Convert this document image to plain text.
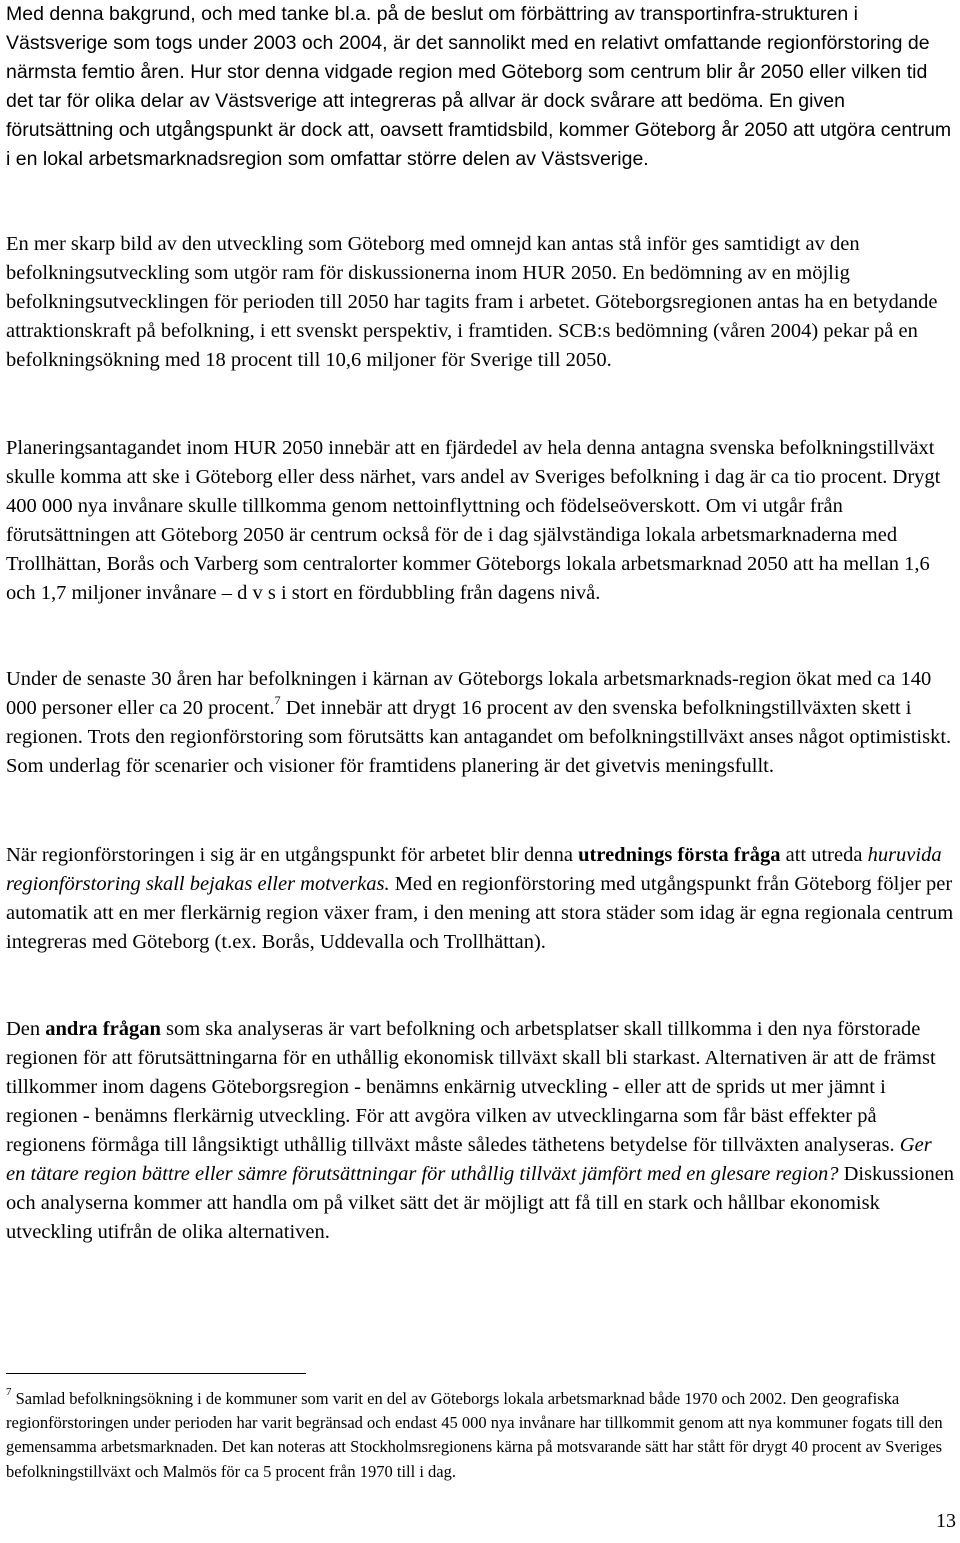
Med denna bakgrund, och med tanke bl.a. på de beslut om förbättring av transportinfra-strukturen i Västsverige som togs under 2003 och 2004, är det sannolikt med en relativt omfattande regionförstoring de närmsta femtio åren. Hur stor denna vidgade region med Göteborg som centrum blir år 2050 eller vilken tid det tar för olika delar av Västsverige att integreras på allvar är dock svårare att bedöma. En given förutsättning och utgångspunkt är dock att, oavsett framtidsbild, kommer Göteborg år 2050 att utgöra centrum i en lokal arbetsmarknadsregion som omfattar större delen av Västsverige.

En mer skarp bild av den utveckling som Göteborg med omnejd kan antas stå inför ges samtidigt av den befolkningsutveckling som utgör ram för diskussionerna inom HUR 2050. En bedömning av en möjlig befolkningsutvecklingen för perioden till 2050 har tagits fram i arbetet. Göteborgsregionen antas ha en betydande attraktionskraft på befolkning, i ett svenskt perspektiv, i framtiden. SCB:s bedömning (våren 2004) pekar på en befolkningsökning med 18 procent till 10,6 miljoner för Sverige till 2050.

Planeringsantagandet inom HUR 2050 innebär att en fjärdedel av hela denna antagna svenska befolkningstillväxt skulle komma att ske i Göteborg eller dess närhet, vars andel av Sveriges befolkning i dag är ca tio procent. Drygt 400 000 nya invånare skulle tillkomma genom nettoinflyttning och födelseöverskott. Om vi utgår från förutsättningen att Göteborg 2050 är centrum också för de i dag självständiga lokala arbetsmarknaderna med Trollhättan, Borås och Varberg som centralorter kommer Göteborgs lokala arbetsmarknad 2050 att ha mellan 1,6 och 1,7 miljoner invånare – d v s i stort en fördubbling från dagens nivå.

Under de senaste 30 åren har befolkningen i kärnan av Göteborgs lokala arbetsmarknads-region ökat med ca 140 000 personer eller ca 20 procent.$^7$ Det innebär att drygt 16 procent av den svenska befolkningstillväxten skett i regionen. Trots den regionförstoring som förutsätts kan antagandet om befolkningstillväxt anses något optimistiskt. Som underlag för scenarier och visioner för framtidens planering är det givetvis meningsfullt.

När regionförstoringen i sig är en utgångspunkt för arbetet blir denna utrednings första fråga att utreda huruvida regionförstoring skall bejakas eller motverkas. Med en regionförstoring med utgångspunkt från Göteborg följer per automatik att en mer flerkärnig region växer fram, i den mening att stora städer som idag är egna regionala centrum integreras med Göteborg (t.ex. Borås, Uddevalla och Trollhättan).

Den andra frågan som ska analyseras är vart befolkning och arbetsplatser skall tillkomma i den nya förstorade regionen för att förutsättningarna för en uthållig ekonomisk tillväxt skall bli starkast. Alternativen är att de främst tillkommer inom dagens Göteborgsregion - benämns enkärnig utveckling - eller att de sprids ut mer jämnt i regionen - benämns flerkärnig utveckling. För att avgöra vilken av utvecklingarna som får bäst effekter på regionens förmåga till långsiktigt uthållig tillväxt måste således täthetens betydelse för tillväxten analyseras. Ger en tätare region bättre eller sämre förutsättningar för uthållig tillväxt jämfört med en glesare region? Diskussionen och analyserna kommer att handla om på vilket sätt det är möjligt att få till en stark och hållbar ekonomisk utveckling utifrån de olika alternativen.

$^7$ Samlad befolkningsökning i de kommuner som varit en del av Göteborgs lokala arbetsmarknad både 1970 och 2002. Den geografiska regionförstoringen under perioden har varit begränsad och endast 45 000 nya invånare har tillkommit genom att nya kommuner fogats till den gemensamma arbetsmarknaden. Det kan noteras att Stockholmsregionens kärna på motsvarande sätt har stått för drygt 40 procent av Sveriges befolkningstillväxt och Malmös för ca 5 procent från 1970 till i dag.

13
